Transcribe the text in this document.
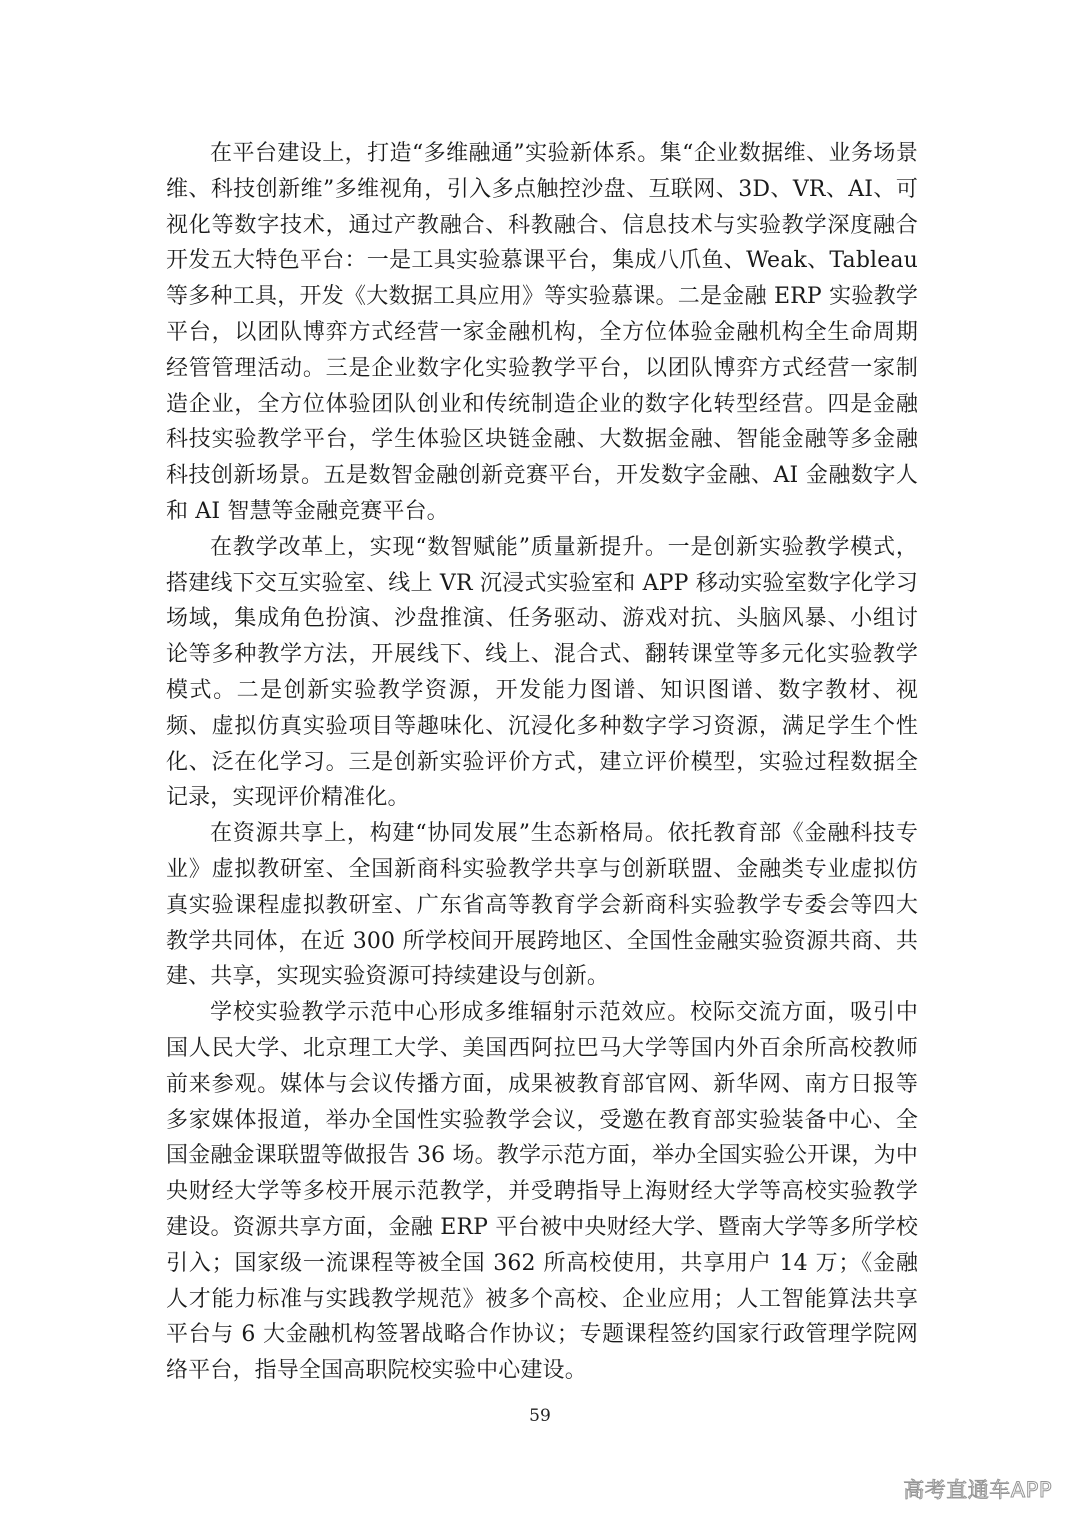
在平台建设上，打造“多维融通”实验新体系。集“企业数据维、业务场景维、科技创新维”多维视角，引入多点触控沙盘、互联网、3D、VR、AI、可视化等数字技术，通过产教融合、科教融合、信息技术与实验教学深度融合开发五大特色平台：一是工具实验慕课平台，集成八爪鱼、Weak、Tableau 等多种工具，开发《大数据工具应用》等实验慕课。二是金融 ERP 实验教学平台，以团队博弈方式经营一家金融机构，全方位体验金融机构全生命周期经管管理活动。三是企业数字化实验教学平台，以团队博弈方式经营一家制造企业，全方位体验团队创业和传统制造企业的数字化转型经营。四是金融科技实验教学平台，学生体验区块链金融、大数据金融、智能金融等多金融科技创新场景。五是数智金融创新竞赛平台，开发数字金融、AI 金融数字人和 AI 智慧等金融竞赛平台。

在教学改革上，实现“数智赋能”质量新提升。一是创新实验教学模式，搭建线下交互实验室、线上 VR 沉浸式实验室和 APP 移动实验室数字化学习场域，集成角色扮演、沙盘推演、任务驱动、游戏对抗、头脑风暴、小组讨论等多种教学方法，开展线下、线上、混合式、翻转课堂等多元化实验教学模式。二是创新实验教学资源，开发能力图谱、知识图谱、数字教材、视频、虚拟仿真实验项目等趣味化、沉浸化多种数字学习资源，满足学生个性化、泛在化学习。三是创新实验评价方式，建立评价模型，实验过程数据全记录，实现评价精准化。

在资源共享上，构建“协同发展”生态新格局。依托教育部《金融科技专业》虚拟教研室、全国新商科实验教学共享与创新联盟、金融类专业虚拟仿真实验课程虚拟教研室、广东省高等教育学会新商科实验教学专委会等四大教学共同体，在近 300 所学校间开展跨地区、全国性金融实验资源共商、共建、共享，实现实验资源可持续建设与创新。

学校实验教学示范中心形成多维辐射示范效应。校际交流方面，吸引中国人民大学、北京理工大学、美国西阿拉巴马大学等国内外百余所高校教师前来参观。媒体与会议传播方面，成果被教育部官网、新华网、南方日报等多家媒体报道，举办全国性实验教学会议，受邀在教育部实验装备中心、全国金融金课联盟等做报告 36 场。教学示范方面，举办全国实验公开课，为中央财经大学等多校开展示范教学，并受聘指导上海财经大学等高校实验教学建设。资源共享方面，金融 ERP 平台被中央财经大学、暨南大学等多所学校引入；国家级一流课程等被全国 362 所高校使用，共享用户 14 万；《金融人才能力标准与实践教学规范》被多个高校、企业应用；人工智能算法共享平台与 6 大金融机构签署战略合作协议；专题课程签约国家行政管理学院网络平台，指导全国高职院校实验中心建设。

59
高考直通车APP
